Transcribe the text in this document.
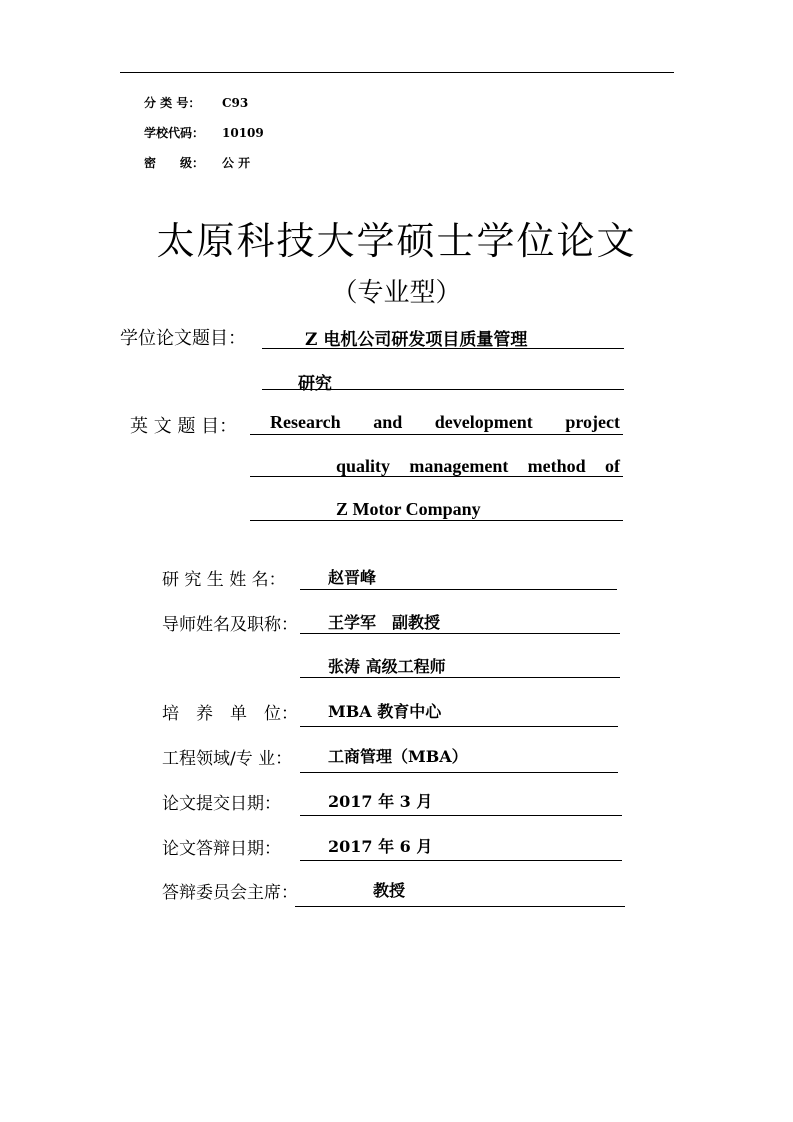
分 类 号： C93
学校代码： 10109
密　　级： 公 开
太原科技大学硕士学位论文
（专业型）
学位论文题目：	Z 电机公司研发项目质量管理
研究
英 文 题 目： Research and development project
quality management method of
Z Motor Company
研 究 生 姓 名：	赵晋峰
导师姓名及职称： 王学军　副教授
张涛 高级工程师
培　养　单　位： MBA 教育中心
工程领域/专 业： 工商管理（MBA）
论文提交日期：	2017 年 3 月
论文答辩日期：	2017 年 6 月
答辩委员会主席：	教授
